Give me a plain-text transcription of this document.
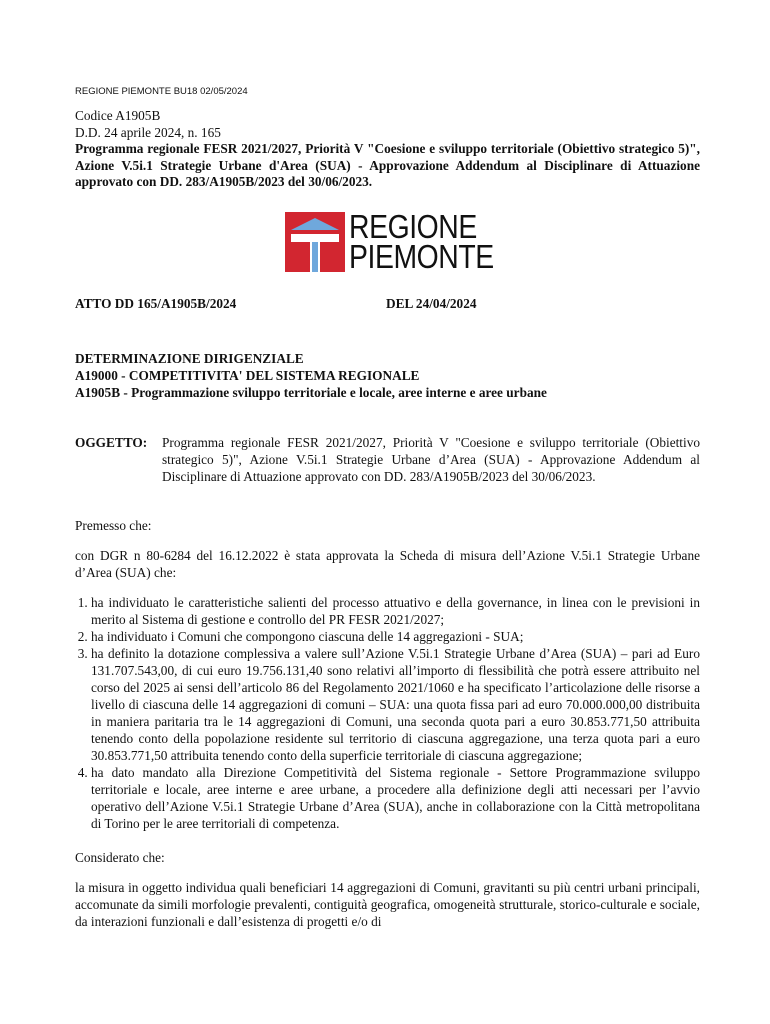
REGIONE PIEMONTE BU18 02/05/2024
Codice A1905B
D.D. 24 aprile 2024, n. 165
Programma regionale FESR 2021/2027, Priorità V "Coesione e sviluppo territoriale (Obiettivo strategico 5)", Azione V.5i.1 Strategie Urbane d'Area (SUA) - Approvazione Addendum al Disciplinare di Attuazione approvato con DD. 283/A1905B/2023 del 30/06/2023.
REGIONE
PIEMONTE
ATTO DD 165/A1905B/2024	DEL 24/04/2024
DETERMINAZIONE DIRIGENZIALE
A19000 - COMPETITIVITA' DEL SISTEMA REGIONALE
A1905B - Programmazione sviluppo territoriale e locale, aree interne e aree urbane
OGGETTO: Programma regionale FESR 2021/2027, Priorità V "Coesione e sviluppo territoriale (Obiettivo strategico 5)", Azione V.5i.1 Strategie Urbane d’Area (SUA) - Approvazione Addendum al Disciplinare di Attuazione approvato con DD. 283/A1905B/2023 del 30/06/2023.

Premesso che:

con DGR n 80-6284 del 16.12.2022 è stata approvata la Scheda di misura dell’Azione V.5i.1 Strategie Urbane d’Area (SUA) che:

1. ha individuato le caratteristiche salienti del processo attuativo e della governance, in linea con le previsioni in merito al Sistema di gestione e controllo del PR FESR 2021/2027;
2. ha individuato i Comuni che compongono ciascuna delle 14 aggregazioni - SUA;
3. ha definito la dotazione complessiva a valere sull’Azione V.5i.1 Strategie Urbane d’Area (SUA) – pari ad Euro 131.707.543,00, di cui euro 19.756.131,40 sono relativi all’importo di flessibilità che potrà essere attribuito nel corso del 2025 ai sensi dell’articolo 86 del Regolamento 2021/1060 e ha specificato l’articolazione delle risorse a livello di ciascuna delle 14 aggregazioni di comuni – SUA: una quota fissa pari ad euro 70.000.000,00 distribuita in maniera paritaria tra le 14 aggregazioni di Comuni, una seconda quota pari a euro 30.853.771,50 attribuita tenendo conto della popolazione residente sul territorio di ciascuna aggregazione, una terza quota pari a euro 30.853.771,50 attribuita tenendo conto della superficie territoriale di ciascuna aggregazione;
4. ha dato mandato alla Direzione Competitività del Sistema regionale - Settore Programmazione sviluppo territoriale e locale, aree interne e aree urbane, a procedere alla definizione degli atti necessari per l’avvio operativo dell’Azione V.5i.1 Strategie Urbane d’Area (SUA), anche in collaborazione con la Città metropolitana di Torino per le aree territoriali di competenza.

Considerato che:

la misura in oggetto individua quali beneficiari 14 aggregazioni di Comuni, gravitanti su più centri urbani principali, accomunate da simili morfologie prevalenti, contiguità geografica, omogeneità strutturale, storico-culturale e sociale, da interazioni funzionali e dall’esistenza di progetti e/o di
